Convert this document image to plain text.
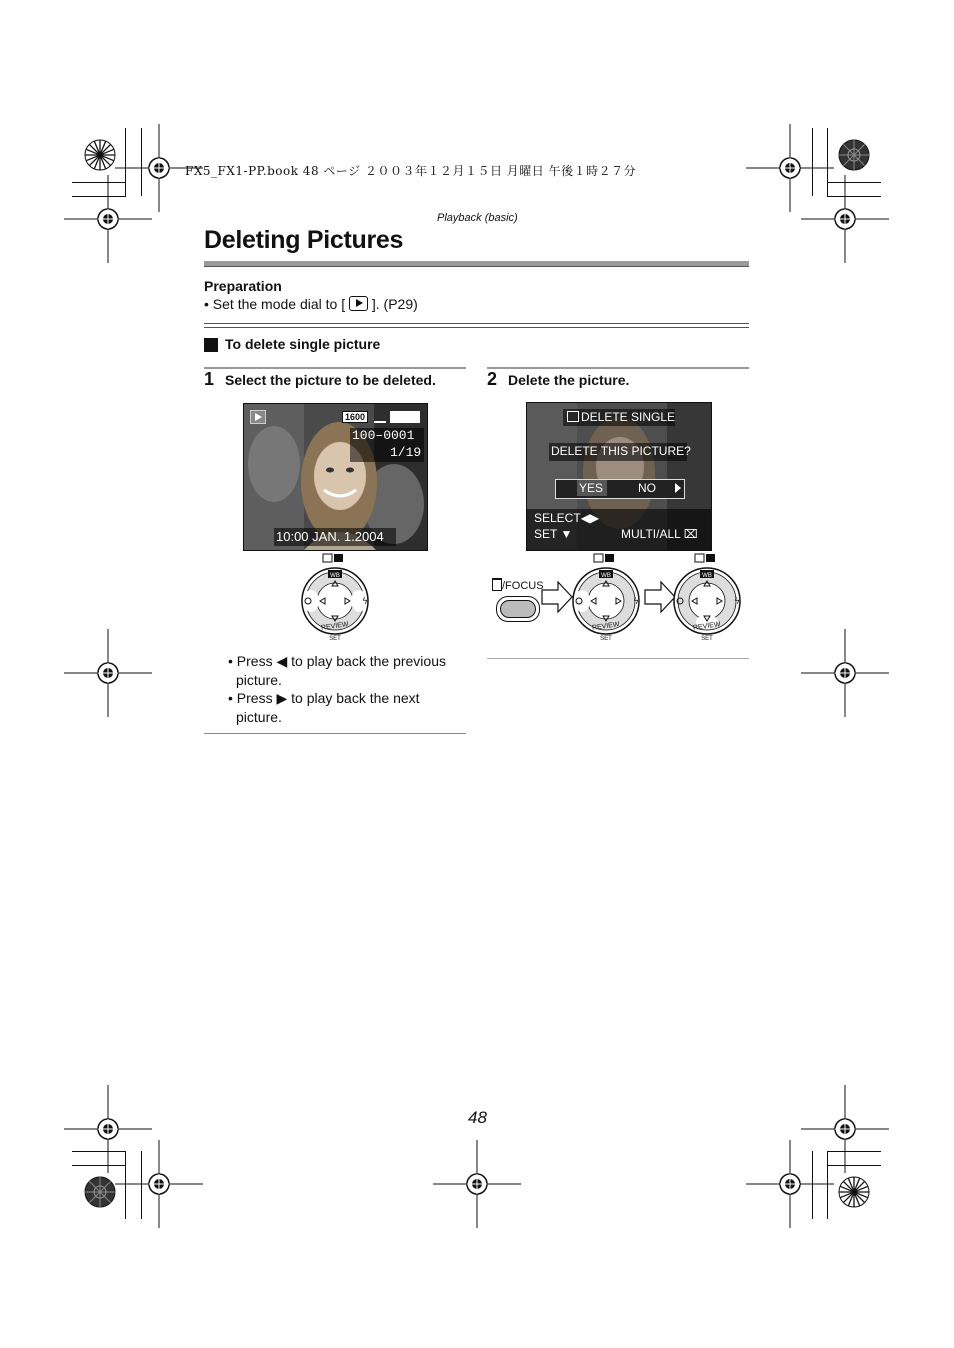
FX5_FX1-PP.book 48 ページ ２００３年１２月１５日 月曜日 午後１時２７分
Playback (basic)
Deleting Pictures
Preparation
• Set the mode dial to [ ]. (P29)
To delete single picture
1 Select the picture to be deleted.
1600
100–0001
1/19
10:00 JAN. 1.2004
WB
ϟ
REVIEW
SET
• Press ◀ to play back the previous
picture.
• Press ▶ to play back the next
picture.
2 Delete the picture.
DELETE SINGLE
DELETE THIS PICTURE?
YES	NO
SELECT◀▶
SET ▼	MULTI/ALL ⌧
/FOCUS
WB
ϟ
REVIEW
SET
WB
ϟ
REVIEW
SET
48
